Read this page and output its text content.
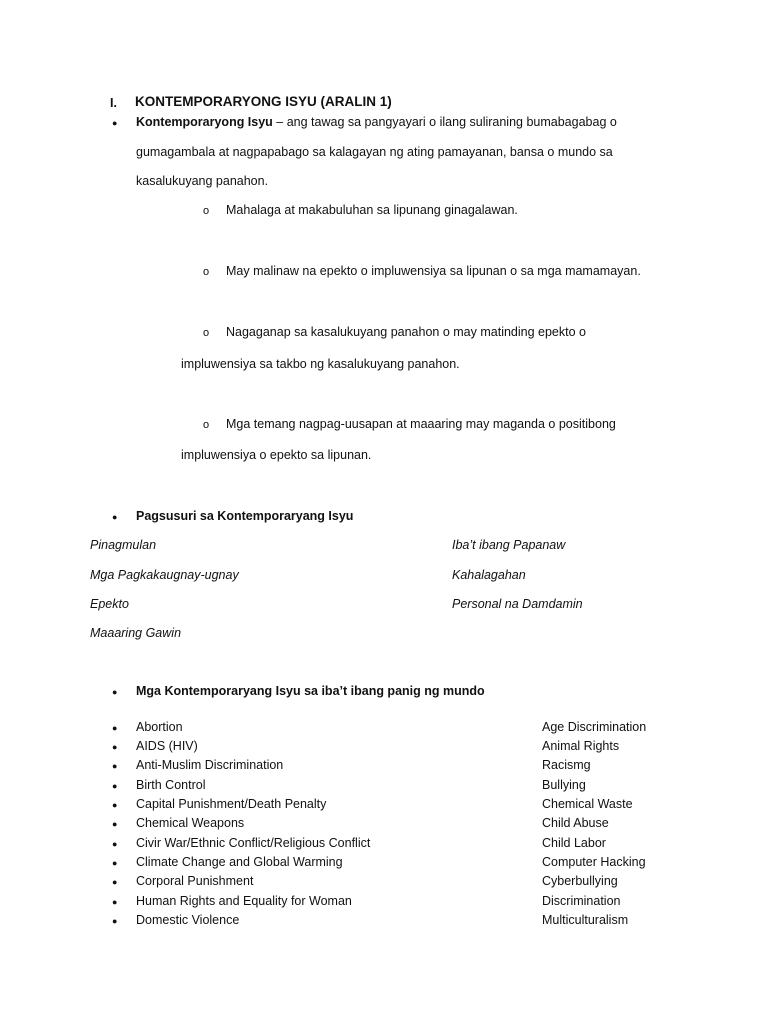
I. KONTEMPORARYONG ISYU (ARALIN 1)
● Kontemporaryong Isyu – ang tawag sa pangyayari o ilang suliraning bumabagabag o
gumagambala at nagpapabago sa kalagayan ng ating pamayanan, bansa o mundo sa
kasalukuyang panahon.
o Mahalaga at makabuluhan sa lipunang ginagalawan.
o May malinaw na epekto o impluwensiya sa lipunan o sa mga mamamayan.
o Nagaganap sa kasalukuyang panahon o may matinding epekto o
impluwensiya sa takbo ng kasalukuyang panahon.
o Mga temang nagpag-uusapan at maaaring may maganda o positibong
impluwensiya o epekto sa lipunan.
● Pagsusuri sa Kontemporaryang Isyu
Pinagmulan
Mga Pagkakaugnay-ugnay
Epekto
Maaaring Gawin
Iba’t ibang Papanaw
Kahalagahan
Personal na Damdamin
● Mga Kontemporaryang Isyu sa iba’t ibang panig ng mundo
● Abortion
● AIDS (HIV)
● Anti-Muslim Discrimination
● Birth Control
● Capital Punishment/Death Penalty
● Chemical Weapons
● Civir War/Ethnic Conflict/Religious Conflict
● Climate Change and Global Warming
● Corporal Punishment
● Human Rights and Equality for Woman
● Domestic Violence
Age Discrimination
Animal Rights
Racismg
Bullying
Chemical Waste
Child Abuse
Child Labor
Computer Hacking
Cyberbullying
Discrimination
Multiculturalism
